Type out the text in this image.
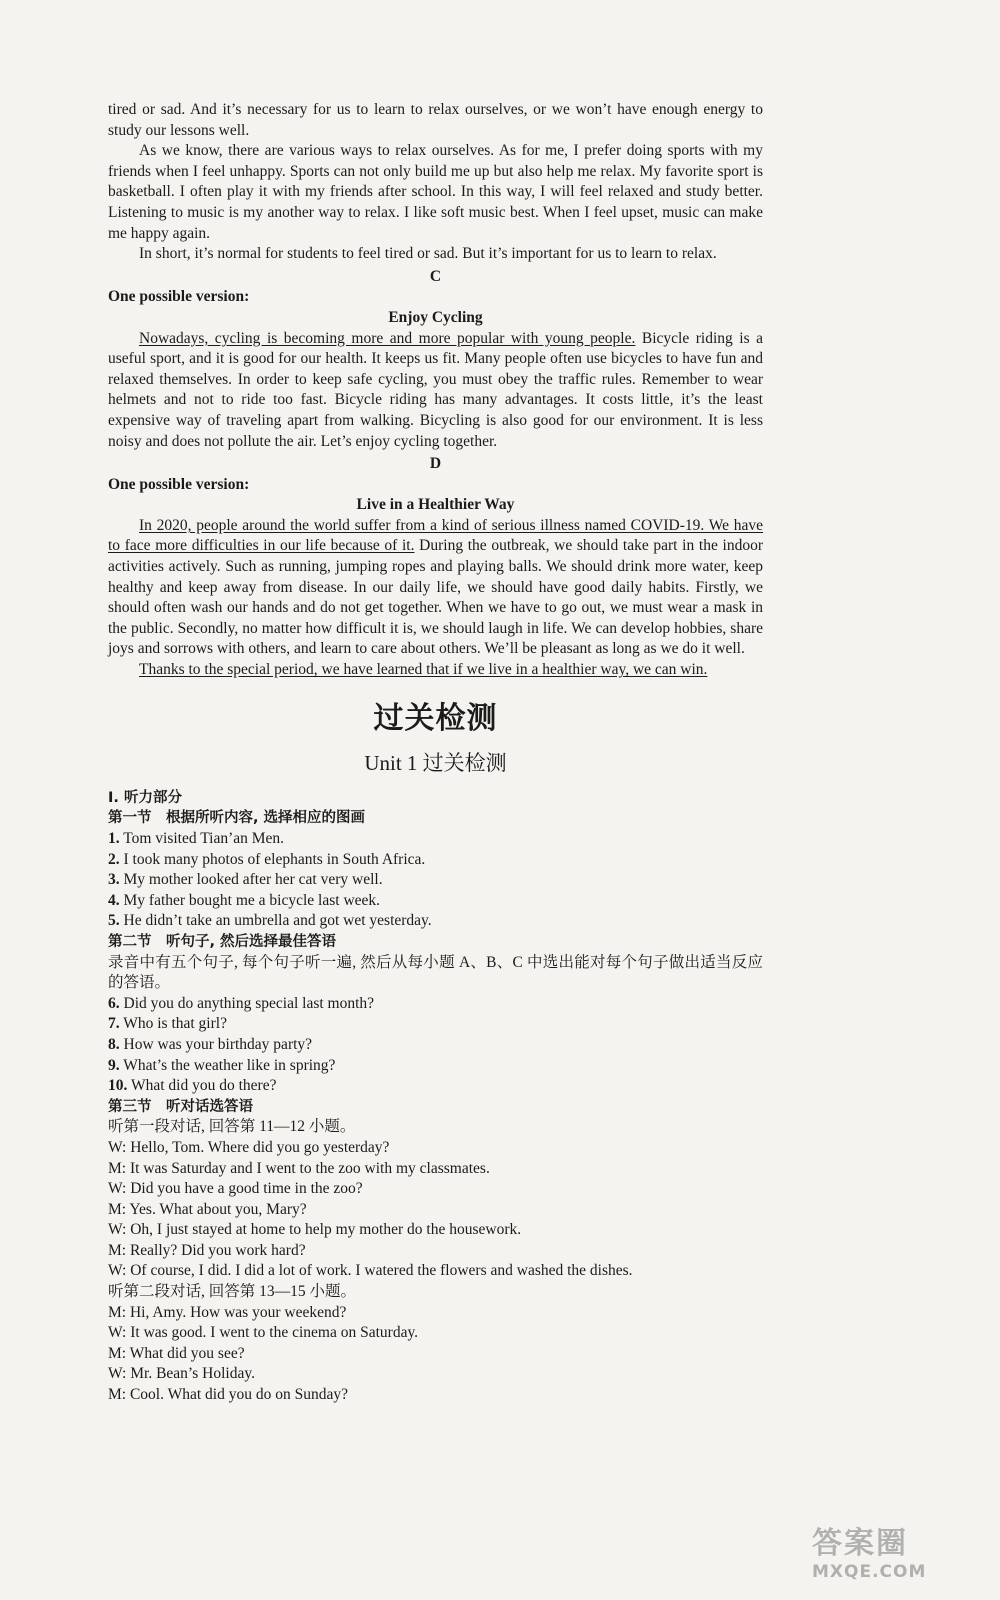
tired or sad. And it’s necessary for us to learn to relax ourselves, or we won’t have enough energy to study our lessons well.

As we know, there are various ways to relax ourselves. As for me, I prefer doing sports with my friends when I feel unhappy. Sports can not only build me up but also help me relax. My favorite sport is basketball. I often play it with my friends after school. In this way, I will feel relaxed and study better. Listening to music is my another way to relax. I like soft music best. When I feel upset, music can make me happy again.

In short, it’s normal for students to feel tired or sad. But it’s important for us to learn to relax.

C

One possible version:

Enjoy Cycling

Nowadays, cycling is becoming more and more popular with young people. Bicycle riding is a useful sport, and it is good for our health. It keeps us fit. Many people often use bicycles to have fun and relaxed themselves. In order to keep safe cycling, you must obey the traffic rules. Remember to wear helmets and not to ride too fast. Bicycle riding has many advantages. It costs little, it’s the least expensive way of traveling apart from walking. Bicycling is also good for our environment. It is less noisy and does not pollute the air. Let’s enjoy cycling together.

D

One possible version:

Live in a Healthier Way

In 2020, people around the world suffer from a kind of serious illness named COVID-19. We have to face more difficulties in our life because of it. During the outbreak, we should take part in the indoor activities actively. Such as running, jumping ropes and playing balls. We should drink more water, keep healthy and keep away from disease. In our daily life, we should have good daily habits. Firstly, we should often wash our hands and do not get together. When we have to go out, we must wear a mask in the public. Secondly, no matter how difficult it is, we should laugh in life. We can develop hobbies, share joys and sorrows with others, and learn to care about others. We’ll be pleasant as long as we do it well.

Thanks to the special period, we have learned that if we live in a healthier way, we can win.

过关检测
Unit 1 过关检测

Ⅰ. 听力部分

第一节　根据所听内容, 选择相应的图画

1. Tom visited Tian’an Men.

2. I took many photos of elephants in South Africa.

3. My mother looked after her cat very well.

4. My father bought me a bicycle last week.

5. He didn’t take an umbrella and got wet yesterday.

第二节　听句子, 然后选择最佳答语

录音中有五个句子, 每个句子听一遍, 然后从每小题 A、B、C 中选出能对每个句子做出适当反应的答语。

6. Did you do anything special last month?

7. Who is that girl?

8. How was your birthday party?

9. What’s the weather like in spring?

10. What did you do there?

第三节　听对话选答语

听第一段对话, 回答第 11—12 小题。

W: Hello, Tom. Where did you go yesterday?

M: It was Saturday and I went to the zoo with my classmates.

W: Did you have a good time in the zoo?

M: Yes. What about you, Mary?

W: Oh, I just stayed at home to help my mother do the housework.

M: Really? Did you work hard?

W: Of course, I did. I did a lot of work. I watered the flowers and washed the dishes.

听第二段对话, 回答第 13—15 小题。

M: Hi, Amy. How was your weekend?

W: It was good. I went to the cinema on Saturday.

M: What did you see?

W: Mr. Bean’s Holiday.

M: Cool. What did you do on Sunday?

答案圈
MXQE.COM
